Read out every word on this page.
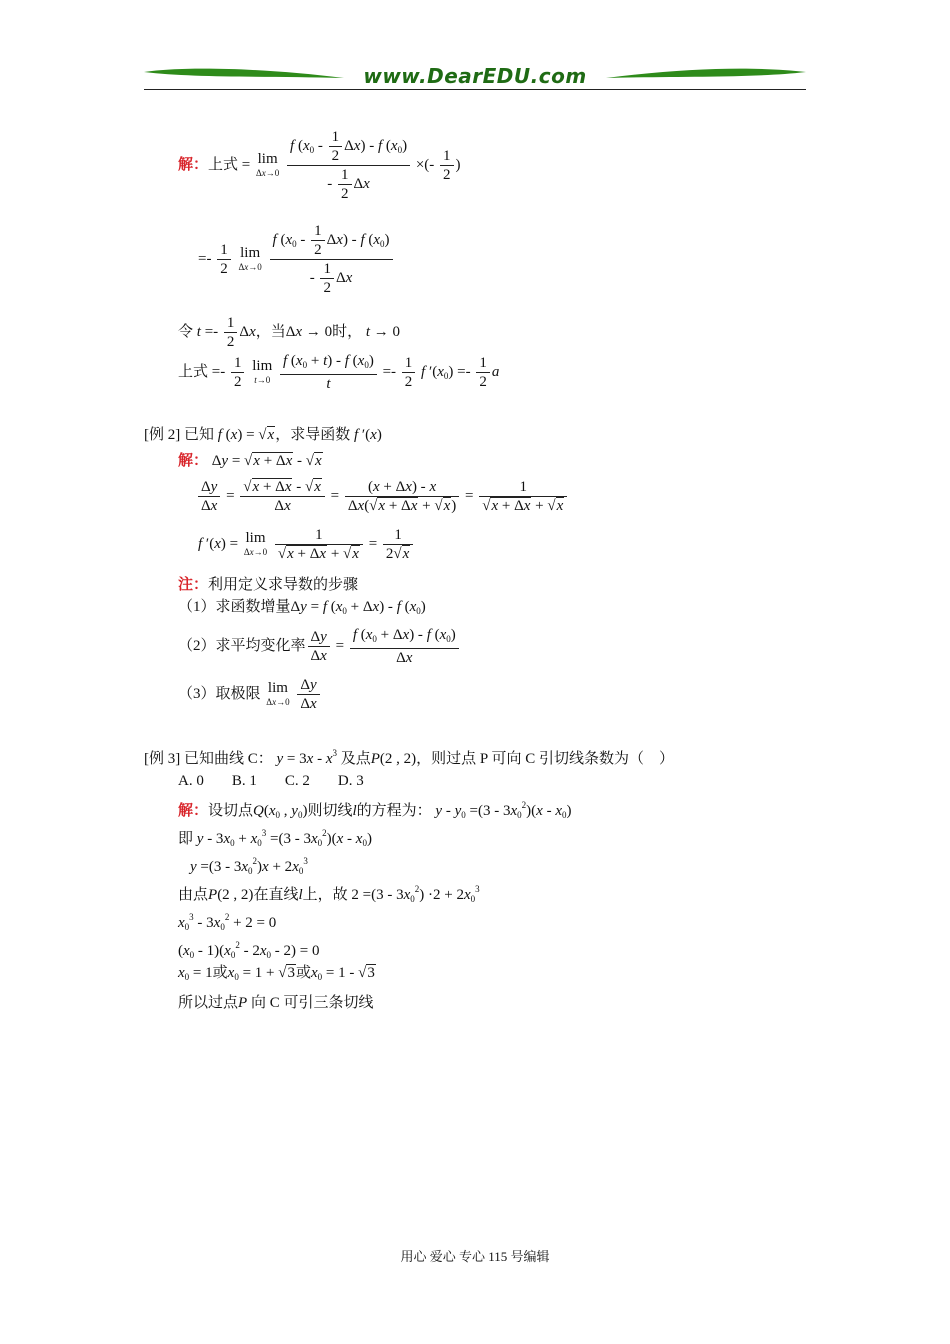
www.DearEDU.com
解：上式 = lim
Δx→0
$\frac{f (x_0 - \frac{1}{2} \Delta x) - f (x_0)}{- \frac{1}{2} \Delta x}$ ×(- $\frac{1}{2}$ )
=- $\frac{1}{2}$ lim
Δx→0
$\frac{f (x_0 - \frac{1}{2} \Delta x) - f (x_0)}{- \frac{1}{2} \Delta x}$
令 $t =- \frac{1}{2}$ Δx，当Δx → 0时， t → 0
上式 =- $\frac{1}{2}$ lim
t→0
$\frac{f (x_0 + t) - f (x_0)}{t} =- \frac{1}{2}$ f $'(x_0) =- \frac{1}{2}$ a
[例 2] 已知 f (x) = √x，求导函数 f ′(x)
解： Δy = √x + Δx - √x
$\frac{\Delta y}{\Delta x} = \frac{√x + \Delta x - √x}{\Delta x} = \frac{(x + \Delta x) - x}{\Delta x(√x + \Delta x + √x)} = \frac{1}{√x + \Delta x + √x}$
f ′(x) = lim
Δx→0
$\frac{1}{√x + \Delta x + √x} = \frac{1}{2√x}$
注：利用定义求导数的步骤
（1）求函数增量Δy = f $(x_0 + \Delta x) - f$ $(x_0)$
（2）求平均变化率 $\frac{\Delta y}{\Delta x} = \frac{f (x_0 + \Delta x) - f (x_0)}{\Delta x}$
（3）取极限 lim
Δx→0
$\frac{\Delta y}{\Delta x}$
[例 3] 已知曲线 C： $y = 3x - x^3$ 及点P(2 , 2)，则过点 P 可向 C 引切线条数为（　）
A. 0 B. 1 C. 2 D. 3
解：设切点$Q(x_0$ , $y_0$)则切线l的方程为： $y - y_0 =(3 - 3x_0^2)(x - x_0)$
即 $y - 3x_0 + x_0^3 =(3 - 3x_0^2)(x - x_0)$
$y =(3 - 3x_0^2)x + 2x_0^3$
由点P(2 , 2)在直线l上，故 $2 =(3 - 3x_0^2) \cdot 2 + 2x_0^3$
$x_0^3 - 3x_0^2 + 2 = 0$
$(x_0 - 1)(x_0^2 - 2x_0 - 2) = 0$
$x_0 = 1$或$x_0 = 1 + √3$或$x_0 = 1 - √3$
所以过点P 向 C 可引三条切线
用心 爱心 专心 115 号编辑
